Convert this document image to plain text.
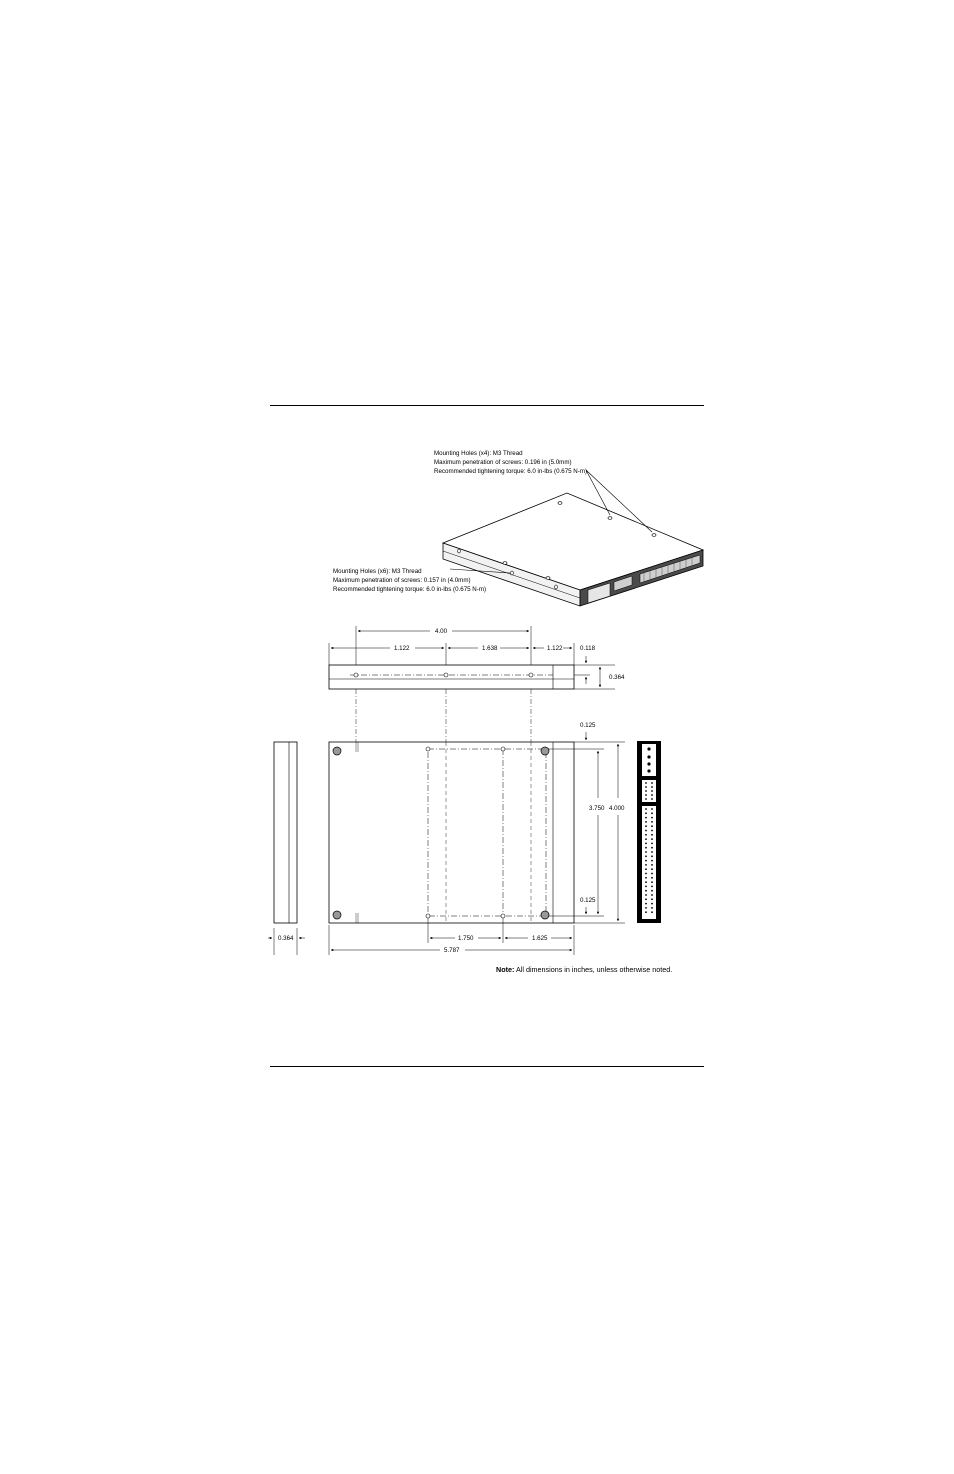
Mounting Holes (x4): M3 Thread
Maximum penetration of screws: 0.196 in (5.0mm)
Recommended tightening torque: 6.0 in-lbs (0.675 N-m)
Mounting Holes (x6): M3 Thread
Maximum penetration of screws: 0.157 in (4.0mm)
Recommended tightening torque: 6.0 in-lbs (0.675 N-m)
4.00
1.122	1.638	1.122	0.118
0.364
0.125
0.364
3.750 4.000
0.125
1.750	1.625
5.787
Note: All dimensions in inches, unless otherwise noted.
